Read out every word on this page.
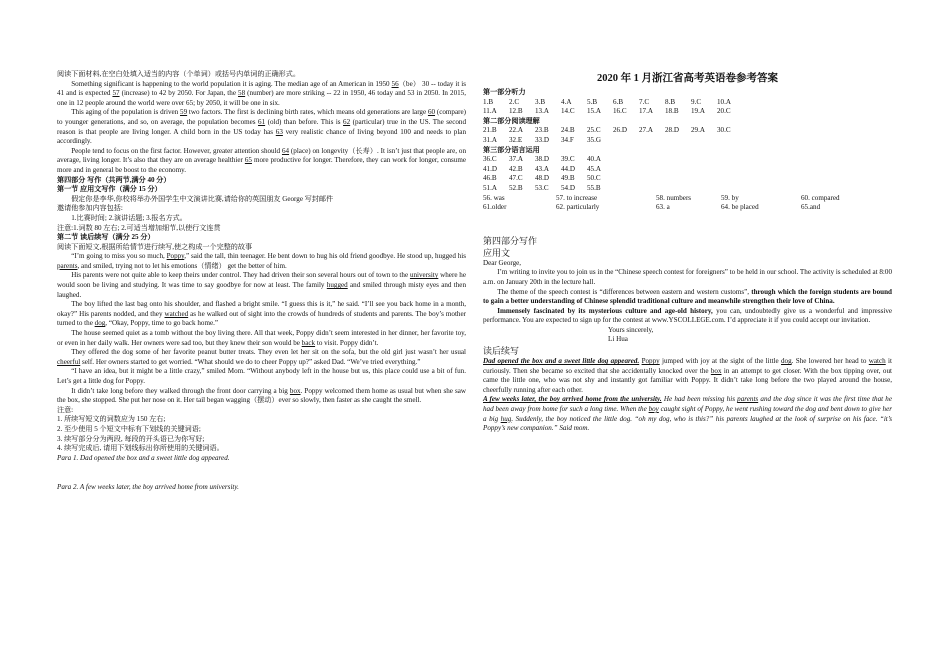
阅读下面材料,在空白处填入适当的内容（个单词）或括号内单词的正确形式。

Something significant is happening to the world population it is aging. The median age of an American in 1950 56（be） 30 -- today it is 41 and is expected 57 (increase) to 42 by 2050. For Japan, the 58 (number) are more striking -- 22 in 1950, 46 today and 53 in 2050. In 2015, one in 12 people around the world were over 65; by 2050, it will be one in six.

This aging of the population is driven 59 two factors. The first is declining birth rates, which means old generations are large 60 (compare) to younger generations, and so, on average, the population becomes 61 (old) than before. This is 62 (particular) true in the US. The second reason is that people are living longer. A child born in the US today has 63 very realistic chance of living beyond 100 and needs to plan accordingly.

People tend to focus on the first factor. However, greater attention should 64 (place) on longevity（长寿）. It isn’t just that people are, on average, living longer. It’s also that they are on average healthier 65 more productive for longer. Therefore, they can work for longer, consume more and in general be boost to the economy.

第四部分 写作（共两节,满分 40 分）

第一节 应用文写作（满分 15 分）

假定你是李华,你校将举办外国学生中文演讲比赛,请给你的英国朋友 George 写封邮件

邀请他参加内容包括:

1.比赛时间; 2.演讲话题; 3.报名方式。

注意:1.词数 80 左右; 2.可适当增加细节,以使行文连贯

第二节 读后续写（满分 25 分）

阅读下面短文,根据所给情节进行续写,使之构成一个完整的故事

“I’m going to miss you so much, Poppy,” said the tall, thin teenager. He bent down to hug his old friend goodbye. He stood up, hugged his parents, and smiled, trying not to let his emotions（情绪） get the better of him.

His parents were not quite able to keep theirs under control. They had driven their son several hours out of town to the university where he would soon be living and studying. It was time to say goodbye for now at least. The family hugged and smiled through misty eyes and then laughed.

The boy lifted the last bag onto his shoulder, and flashed a bright smile. “I guess this is it,” he said. “I’ll see you back home in a month, okay?” His parents nodded, and they watched as he walked out of sight into the crowds of hundreds of students and parents. The boy’s mother turned to the dog, “Okay, Poppy, time to go back home.”

The house seemed quiet as a tomb without the boy living there. All that week, Poppy didn’t seem interested in her dinner, her favorite toy, or even in her daily walk. Her owners were sad too, but they knew their son would be back to visit. Poppy didn’t.

They offered the dog some of her favorite peanut butter treats. They even let her sit on the sofa, but the old girl just wasn’t her usual cheerful self. Her owners started to get worried. “What should we do to cheer Poppy up?” asked Dad. “We’ve tried everything.”

“I have an idea, but it might be a little crazy,” smiled Mom. “Without anybody left in the house but us, this place could use a bit of fun. Let’s get a little dog for Poppy.

It didn’t take long before they walked through the front door carrying a big box. Poppy welcomed them home as usual but when she saw the box, she stopped. She put her nose on it. Her tail began wagging（摆动）ever so slowly, then faster as she caught the smell.

注意:

1. 所续写短文的词数应为 150 左右;

2. 至少使用 5 个短文中标有下划线的关键词语;

3. 续写部分分为两段, 每段的开头语已为你写好;

4. 续写完成后, 请用下划线标出你所使用的关键词语。

Para 1. Dad opened the box and a sweet little dog appeared.

Para 2. A few weeks later, the boy arrived home from university.

2020 年 1 月浙江省高考英语卷参考答案

第一部分听力

1.B	2.C	3.B	4.A	5.B	6.B	7.C	8.B	9.C	10.A
11.A	12.B	13.A	14.C	15.A	16.C	17.A	18.B	19.A	20.C

第二部分阅读理解

21.B	22.A	23.B	24.B	25.C	26.D	27.A	28.D	29.A	30.C
31.A	32.E	33.D	34.F	35.G

第三部分语言运用

36.C	37.A	38.D	39.C	40.A
41.D	42.B	43.A	44.D	45.A
46.B	47.C	48.D	49.B	50.C
51.A	52.B	53.C	54.D	55.B
56. was	57. to increase	58. numbers	59. by	60. compared
61.older	62. particularly	63. a	64. be placed	65.and

第四部分写作

应用文

Dear George,

I’m writing to invite you to join us in the “Chinese speech contest for foreigners” to be held in our school. The activity is scheduled at 8:00 a.m. on January 20th in the lecture hall.

The theme of the speech contest is “differences between eastern and western customs”, through which the foreign students are bound to gain a better understanding of Chinese splendid traditional culture and meanwhile strengthen their love of China.

Immensely fascinated by its mysterious culture and age-old history, you can, undoubtedly give us a wonderful and impressive performance. You are expected to sign up for the contest at www.YSCOLLEGE.com. I’d appreciate it if you could accept our invitation.

Yours sincerely,

Li Hua

读后续写

Dad opened the box and a sweet little dog appeared. Poppy jumped with joy at the sight of the little dog. She lowered her head to watch it curiously. Then she became so excited that she accidentally knocked over the box in an attempt to get closer. With the box tipping over, out came the little one, who was not shy and instantly got familiar with Poppy. It didn’t take long before the two played around the house, cheerfully running after each other.

A few weeks later, the boy arrived home from the university. He had been missing his parents and the dog since it was the first time that he had been away from home for such a long time. When the boy caught sight of Poppy, he went rushing toward the dog and bent down to give her a big hug. Suddenly, the boy noticed the little dog. “oh my dog, who is this?” his parents laughed at the look of surprise on his face. “it’s Poppy’s new companion.” Said mom.
